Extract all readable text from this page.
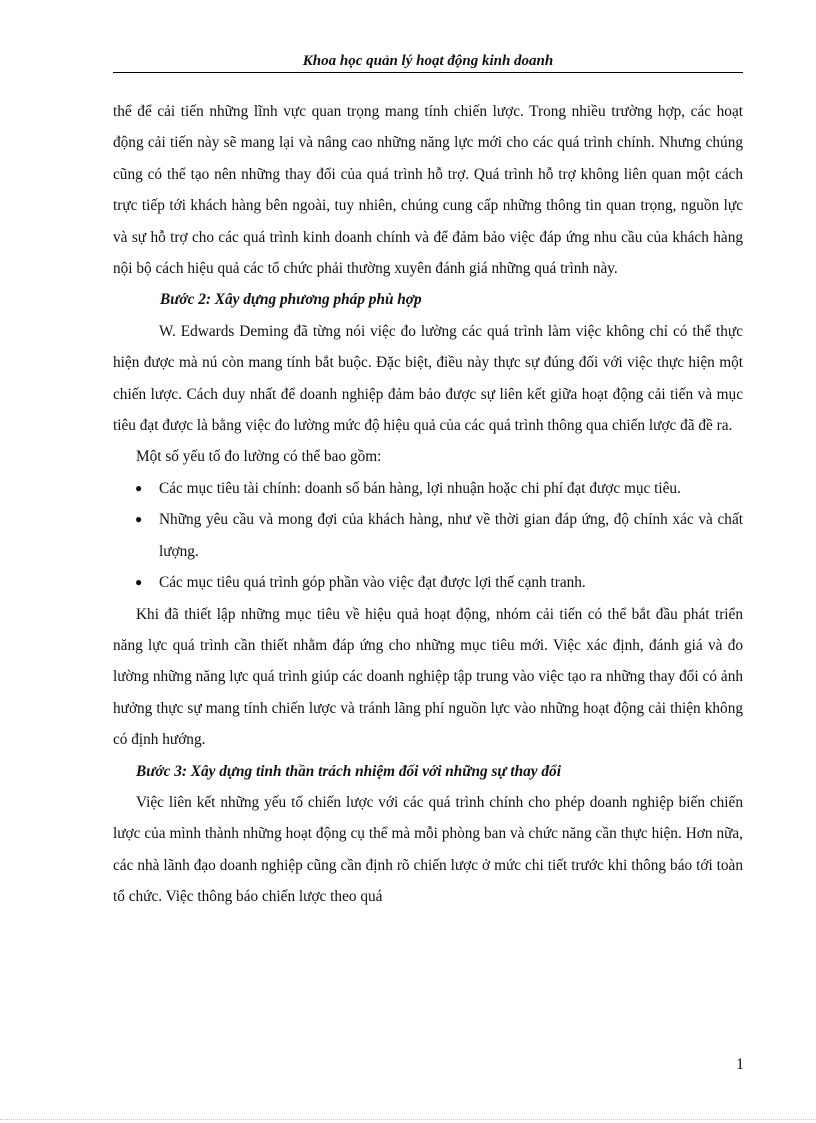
Khoa học quản lý hoạt động kinh doanh

thể để cải tiến những lĩnh vực quan trọng mang tính chiến lược. Trong nhiều trường hợp, các hoạt động cải tiến này sẽ mang lại và nâng cao những năng lực mới cho các quá trình chính. Nhưng chúng cũng có thể tạo nên những thay đổi của quá trình hỗ trợ. Quá trình hỗ trợ không liên quan một cách trực tiếp tới khách hàng bên ngoài, tuy nhiên, chúng cung cấp những thông tin quan trọng, nguồn lực và sự hỗ trợ cho các quá trình kinh doanh chính và để đảm bảo việc đáp ứng nhu cầu của khách hàng nội bộ cách hiệu quả các tổ chức phải thường xuyên đánh giá những quá trình này.

Bước 2: Xây dựng phương pháp phù hợp

W. Edwards Deming đã từng nói việc đo lường các quá trình làm việc không chỉ có thể thực hiện được mà nú còn mang tính bắt buộc. Đặc biệt, điều này thực sự đúng đối với việc thực hiện một chiến lược. Cách duy nhất để doanh nghiệp đảm bảo được sự liên kết giữa hoạt động cải tiến và mục tiêu đạt được là bằng việc đo lường mức độ hiệu quả của các quá trình thông qua chiến lược đã đề ra.

Một số yếu tố đo lường có thể bao gồm:

● Các mục tiêu tài chính: doanh số bán hàng, lợi nhuận hoặc chi phí đạt được mục tiêu.
● Những yêu cầu và mong đợi của khách hàng, như về thời gian đáp ứng, độ chính xác và chất lượng.
● Các mục tiêu quá trình góp phần vào việc đạt được lợi thế cạnh tranh.

Khi đã thiết lập những mục tiêu về hiệu quả hoạt động, nhóm cải tiến có thể bắt đầu phát triển năng lực quá trình cần thiết nhằm đáp ứng cho những mục tiêu mới. Việc xác định, đánh giá và đo lường những năng lực quá trình giúp các doanh nghiệp tập trung vào việc tạo ra những thay đổi có ảnh hưởng thực sự mang tính chiến lược và tránh lãng phí nguồn lực vào những hoạt động cải thiện không có định hướng.

Bước 3: Xây dựng tinh thần trách nhiệm đối với những sự thay đổi

Việc liên kết những yếu tố chiến lược với các quá trình chính cho phép doanh nghiệp biến chiến lược của mình thành những hoạt động cụ thể mà mỗi phòng ban và chức năng cần thực hiện. Hơn nữa, các nhà lãnh đạo doanh nghiệp cũng cần định rõ chiến lược ở mức chi tiết trước khi thông báo tới toàn tổ chức. Việc thông báo chiến lược theo quá

1
